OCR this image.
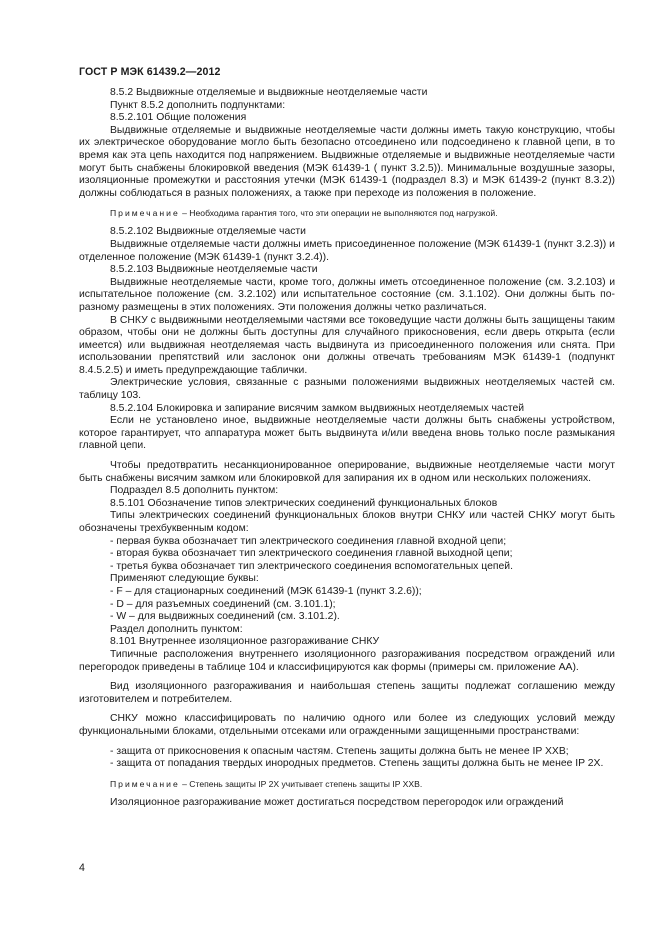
ГОСТ Р МЭК 61439.2—2012

8.5.2 Выдвижные отделяемые и выдвижные неотделяемые части

Пункт 8.5.2 дополнить подпунктами:

8.5.2.101 Общие положения

Выдвижные отделяемые и выдвижные неотделяемые части должны иметь такую конструкцию, чтобы их электрическое оборудование могло быть безопасно отсоединено или подсоединено к главной цепи, в то время как эта цепь находится под напряжением. Выдвижные отделяемые и выдвижные неотделяемые части могут быть снабжены блокировкой введения (МЭК 61439-1 ( пункт 3.2.5)). Минимальные воздушные зазоры, изоляционные промежутки и расстояния утечки (МЭК 61439-1 (подраздел 8.3) и МЭК 61439-2 (пункт 8.3.2)) должны соблюдаться в разных положениях, а также при переходе из положения в положение.

Примечание – Необходима гарантия того, что эти операции не выполняются под нагрузкой.

8.5.2.102 Выдвижные отделяемые части

Выдвижные отделяемые части должны иметь присоединенное положение (МЭК 61439-1 (пункт 3.2.3)) и отделенное положение (МЭК 61439-1 (пункт 3.2.4)).

8.5.2.103 Выдвижные неотделяемые части

Выдвижные неотделяемые части, кроме того, должны иметь отсоединенное положение (см. 3.2.103) и испытательное положение (см. 3.2.102) или испытательное состояние (см. 3.1.102). Они должны быть по-разному размещены в этих положениях. Эти положения должны четко различаться.

В СНКУ с выдвижными неотделяемыми частями все токоведущие части должны быть защищены таким образом, чтобы они не должны быть доступны для случайного прикосновения, если дверь открыта (если имеется) или выдвижная неотделяемая часть выдвинута из присоединенного положения или снята. При использовании препятствий или заслонок они должны отвечать требованиям МЭК 61439-1 (подпункт 8.4.5.2.5) и иметь предупреждающие таблички.

Электрические условия, связанные с разными положениями выдвижных неотделяемых частей см. таблицу 103.

8.5.2.104 Блокировка и запирание висячим замком выдвижных неотделяемых частей

Если не установлено иное, выдвижные неотделяемые части должны быть снабжены устройством, которое гарантирует, что аппаратура может быть выдвинута и/или введена вновь только после размыкания главной цепи.

Чтобы предотвратить несанкционированное оперирование, выдвижные неотделяемые части могут быть снабжены висячим замком или блокировкой для запирания их в одном или нескольких положениях.

Подраздел 8.5 дополнить пунктом:

8.5.101 Обозначение типов электрических соединений функциональных блоков

Типы электрических соединений функциональных блоков внутри СНКУ или частей СНКУ могут быть обозначены трехбуквенным кодом:

- первая буква обозначает тип электрического соединения главной входной цепи;

- вторая буква обозначает тип электрического соединения главной выходной цепи;

- третья буква обозначает тип электрического соединения вспомогательных цепей.

Применяют следующие буквы:

- F – для стационарных соединений (МЭК 61439-1 (пункт 3.2.6));

- D – для разъемных соединений (см. 3.101.1);

- W – для выдвижных соединений (см. 3.101.2).

Раздел дополнить пунктом:

8.101 Внутреннее изоляционное разгораживание СНКУ

Типичные расположения внутреннего изоляционного разгораживания посредством ограждений или перегородок приведены в таблице 104 и классифицируются как формы (примеры см. приложение АА).

Вид изоляционного разгораживания и наибольшая степень защиты подлежат соглашению между изготовителем и потребителем.

СНКУ можно классифицировать по наличию одного или более из следующих условий между функциональными блоками, отдельными отсеками или огражденными защищенными пространствами:

- защита от прикосновения к опасным частям. Степень защиты должна быть не менее IP XXB;

- защита от попадания твердых инородных предметов. Степень защиты должна быть не менее IP 2X.

Примечание – Степень защиты IP 2X учитывает степень защиты IP XXB.

Изоляционное разгораживание может достигаться посредством перегородок или ограждений

4
